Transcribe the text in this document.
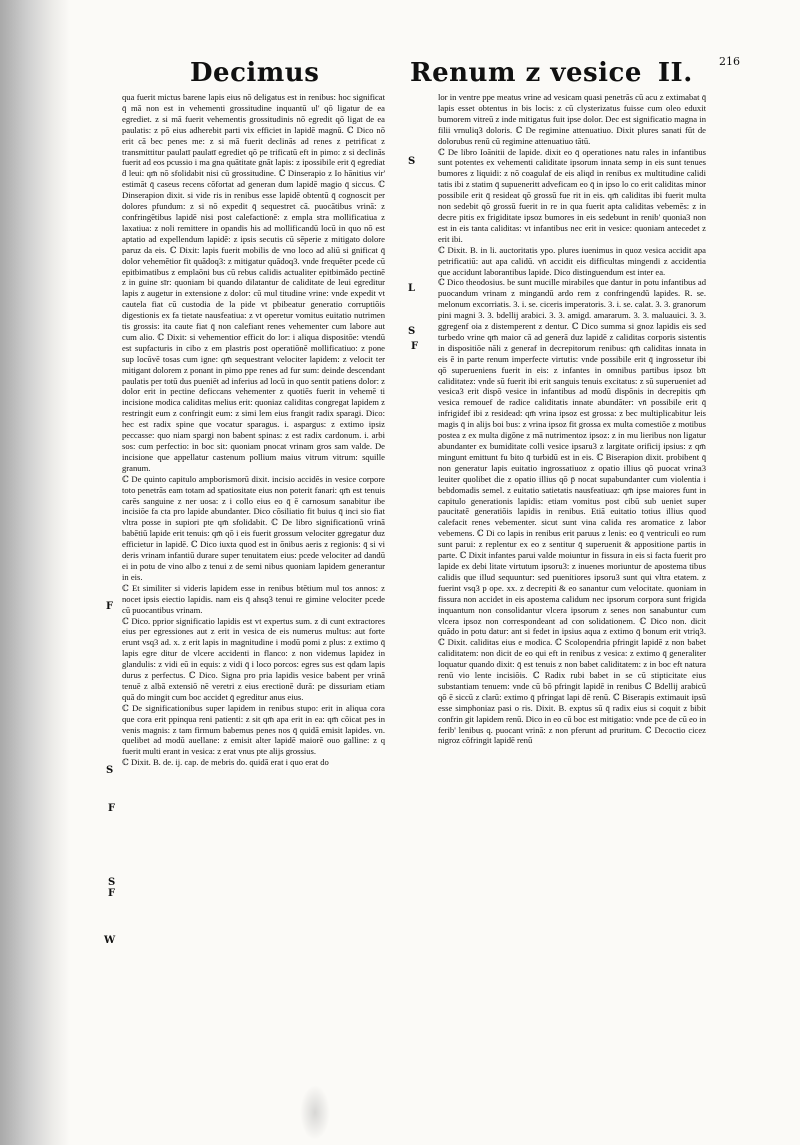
Decimus	Renum z vesice II. 216

qua fuerit mictus barene lapis eius nō deligatus est in renibus: hoc significat q̄ mā non est in vehementi grossitudine inquantū ul' qō ligatur de ea egrediet. z si mā fuerit vehementis grossitudinis nō egredit qō ligat de ea paulatis: z pō eius adherebit parti vix efficiet in lapidē magnū. ℂ Dico nō erit cā bec penes me: z si mā fuerit declinās ad renes z petrificat z transmittitur paulatī paulatī egrediet qō pe trificatū eft in pimo: z si declinās fuerit ad eos pcussio i ma gna quātitate gnāt lapis: z ipossibile erit q̄ egrediat ḋ leui: qm̄ nō sfolidabit nisi cū grossitudine. ℂ Dinserapio z Io hānitius vir' estimāt q̄ caseus recens cōfortat ad generan dum lapidē magio q̄ siccus. ℂ Dinserapion dixit. si vide ris in renibus esse lapidē obtentū q̄ cognoscit per dolores pfundum: z si nō expedit q̄ sequestret cā. puocātibus vrinā: z confringētibus lapidē nisi post calefactionē: z empla stra mollificatiua z laxatiua: z noli remittere in opandis his ad mollificandū locū in quo nō est aptatio ad expellendum lapidē: z ipsis secutis cū sēperie z mitigato dolore paruz da eis. ℂ Dixit: lapis fuerit mobilis de vno loco ad aliū si gnificat q̄ dolor vehemētior fit quādoq3: z mitigatur quādoq3. vnde frequēter pcede cū epitbimatibus z emplaōni bus cū rebus calidis actualiter epitbimādo pectinē z in guine sīr: quoniam bi quando dilatantur de caliditate de leui egreditur lapis z augetur in extensione z dolor: cū mul titudine vrine: vnde expedit vt cautela fiat cū custodia de la pide vt pbibeatur generatio corruptiōis digestionis ex fa tietate nausfeatiua: z vt operetur vomitus euitatio nutrimen tis grossis: ita caute fiat q̄ non calefiant renes vehementer cum labore aut cum alio. ℂ Dixit: si vehementior efficit do lor: i aliqua dispositōe: vtendū est supfacturis in cibo z em plastris post operatiōnē mollificatiuo: z pone sup locūvē tosas cum igne: qm̄ sequestrant velociter lapidem: z velocit ter mitigant dolorem z ponant in pimo ppe renes ad fur sum: deinde descendant paulatis per totū dus pueniēt ad inferius ad locū in quo sentit patiens dolor: z dolor erit in pectine deficcans vehementer z quotiēs fuerit in vehemē ti incisione modica caliditas melius erit: quoniaz caliditas congregat lapidem z restringit eum z confringit eum: z simi lem eius frangit radix sparagi. Dico: hec est radix spine que vocatur sparagus. i. aspargus: z extimo ipsiz peccasse: quo niam spargi non babent spinas: z est radix cardonum. i. arbi sos: cum perfectio: in boc sit: quoniam pnocat vrinam gros sam valde. De incisione que appellatur castenum pollium maius vitrum vitrum: squille granum.

ℂ De quinto capitulo ampborismorū dixit. incisio accidēs in vesice corpore toto penetrās eam totam ad spatiositate eius non poterit fanari: qm̄ est tenuis carēs sanguine z ner uosa: z i collo eius eo q̄ ē carnosum sanabitur ibe incisiōe fa cta pro lapide abundanter. Dico cōsiliatio fit buius q̄ inci sio fiat vltra posse in supiori pte qm̄ sfolidabit. ℂ De libro significationū vrinā babētiū lapide erit tenuis: qm̄ qō i eis fuerit grossum velociter ggregatur duz efficietur in lapidē. ℂ Dico iuxta quod est in ōnibus aeris z regionis: q̄ si vi deris vrinam infantiū durare super tenuitatem eius: pcede velociter ad dandū ei in potu de vino albo z tenui z de semi nibus quoniam lapidem generantur in eis.

ℂ Et similiter si videris lapidem esse in renibus btētium mul tos annos: z nocet ipsis eiectio lapidis. nam eis q̄ ahsq3 tenui re gimine velociter pcede cū puocantibus vrinam.

ℂ Dico. pprior significatio lapidis est vt expertus sum. z di cunt extractores eius per egressiones aut z erit in vesica de eis numerus multus: aut forte erunt vsq3 ad. x. z erit lapis in magnitudine i modū pomi z plus: z extimo q̄ lapis egre ditur de vlcere accidenti in flanco: z non videmus lapidez in glandulis: z vidi eū in equis: z vidi q̄ i loco porcos: egres sus est qdam lapis durus z perfectus. ℂ Dico. Signa pro pria lapidis vesice babent per vrinā tenuē z albā extensiō nē veretri z eius erectionē durā: pe dissuriam etiam quā do mingit cum boc accidet q̄ egreditur anus eius.

ℂ De significationibus super lapidem in renibus stupo: erit in aliqua cora que cora erit ppinqua reni patienti: z sit qm̄ apa erit in ea: qm̄ cōicat pes in venis magnis: z tam firmum babemus penes nos q̄ quidā emisit lapides. vn. quelibet ad modū auellane: z emisit alter lapidē maiorē ouo galline: z q fuerit multi erant in vesica: z erat vnus pte alijs grossius.

ℂ Dixit. B. de. ij. cap. de mebris do. quidā erat i quo erat do

lor in ventre ppe meatus vrine ad vesicam quasi penetrās cū acu z extimabat q̄ lapis esset obtentus in bis locis: z cū clysterizatus fuisse cum oleo eduxit bumorem vitreū z inde mitigatus fuit ipse dolor. Dec est significatio magna in filii vrnuliq3 doloris. ℂ De regimine attenuatiuo. Dixit plures sanati fūt de dolorubus renū cū regimine attenuatiuo tātū.

ℂ De libro Ioānitii de lapide. dixit eo q̄ operationes natu rales in infantibus sunt potentes ex vehementi caliditate ipsorum innata semp in eis sunt tenues bumores z liquidi: z nō coagulaf de eis aliqd in renibus ex multitudine calidi tatis ibi z statim q̄ supueneritt adveficam eo q̄ in ipso lo co erit caliditas minor possibile erit q̄ resideat qō grossū fue rit in eis. qm̄ caliditas ibi fuerit multa non sedebit qō grossū fuerit in re in qua fuerit apta caliditas vebemēs: z in decre pitis ex frigiditate ipsoz bumores in eis sedebunt in renib' quonia3 non est in eis tanta caliditas: vt infantibus nec erit in vesice: quoniam antecedet z erit ibi.

ℂ Dixit. B. in li. auctoritatis ypo. plures iuenimus in quoz vesica accidit apa petrificatiū: aut apa calidū. vn̄ accidit eis difficultas mingendi z accidentia que accidunt laborantibus lapide. Dico distinguendum est inter ea.

ℂ Dico theodosius. be sunt mucille mirabiles que dantur in potu infantibus ad puocandum vrinam z mingandū ardo rem z confringendū lapides. R. se. melonum excorriatis. 3. i. se. ciceris imperatoris. 3. i. se. calat. 3. 3. granorum pini magni 3. 3. bdellij arabici. 3. 3. amigd. amararum. 3. 3. maluauici. 3. 3. ggregenf oia z distemperent z dentur. ℂ Dico summa si gnoz lapidis eis sed turbedo vrine qm̄ maior cā ad generā duz lapidē z caliditas corporis sistentis in dispositiōe nāli z generaf in decrepitorum renibus: qm̄ caliditas innata in eis ē in parte renum imperfecte virtutis: vnde possibile erit q̄ ingrossetur ibi qō superueniens fuerit in eis: z infantes in omnibus partibus ipsoz bīt caliditatez: vnde sū fuerit ibi erit sanguis tenuis excitatus: z sū superueniet ad vesica3 erit dispō vesice in infantibus ad modū dispōnis in decrepitis qm̄ vesica remouef de radice caliditatis innate abundāter: vn̄ possibile erit q̄ infrigidef ibi z residead: qm̄ vrina ipsoz est grossa: z bec multiplicabitur leis magis q̄ in alijs boi bus: z vrina ipsoz fit grossa ex multa comestiōe z motibus postea z ex multa digōne z mā nutrimentoz ipsoz: z in mu lieribus non ligatur abundanter ex bumiditate colli vesice ipsaru3 z largitate orificij ipsius: z qm̄ mingunt emittunt fu bito q̄ turbidū est in eis. ℂ Biserapion dixit. probibent q̄ non generatur lapis euitatio ingrossatiuoz z opatio illius qō puocat vrina3 leuiter quolibet die z opatio illius qō p̄ nocat supabundanter cum violentia i bebdomadis semel. z euitatio satietatis nausfeatiuaz: qm̄ ipse maiores funt in capitulo generationis lapidis: etiam vomitus post cibū sub ueniet super paucitatē generatiōis lapidis in renibus. Etiā euitatio totius illius quod calefacit renes vebementer. sicut sunt vina calida res aromatice z labor vebemens. ℂ Di co lapis in renibus erit paruus z lenis: eo q̄ ventriculi eo rum sunt parui: z replentur ex eo z sentitur q̄ superuenit & appositione partis in parte. ℂ Dixit infantes parui valde moiuntur in fissura in eis si facta fuerit pro lapide ex debi litate virtutum ipsoru3: z inuenes moriuntur de apostema tibus calidis que illud sequuntur: sed puenitiores ipsoru3 sunt qui vltra etatem. z fuerint vsq3 p ope. xx. z decrepiti & eo sanantur cum velocitate. quoniam in fissura non accidet in eis apostema calidum nec ipsorum corpora sunt frigida inquantum non consolidantur vlcera ipsorum z senes non sanabuntur cum vlcera ipsoz non correspondeant ad con solidationem. ℂ Dico non. dicit quādo in potu datur: ant si fedet in ipsius aqua z extimo q̄ bonum erit vtriq3. ℂ Dixit. caliditas eius e modica. ℂ Scolopendria pfringit lapidē z non babet caliditatem: non dicit de eo qui eft in renibus z vesica: z extimo q̄ generaliter loquatur quando dixit: q̄ est tenuis z non babet caliditatem: z in boc eft natura renū vio lente incisiōis. ℂ Radix rubi babet in se cū stipticitate eius substantiam tenuem: vnde cū bō pfringit lapidē in renibus ℂ Bdellij arabicū qō ē siccū z clarū: extimo q̄ pfringat lapi dē renū. ℂ Biserapis extimauit ipsū esse simphoniaz pasi o ris. Dixit. B. exptus sū q̄ radix eius si coquit z bibit confrin git lapidem renū. Dico in eo cū boc est mitigatio: vnde pce de cū eo in ferib' lenibus q. puocant vrinā: z non pferunt ad pruritum. ℂ Decoctio cicez nigroz cōfringit lapidē renū

F
S
F
S
F
W
S
L
S
F
